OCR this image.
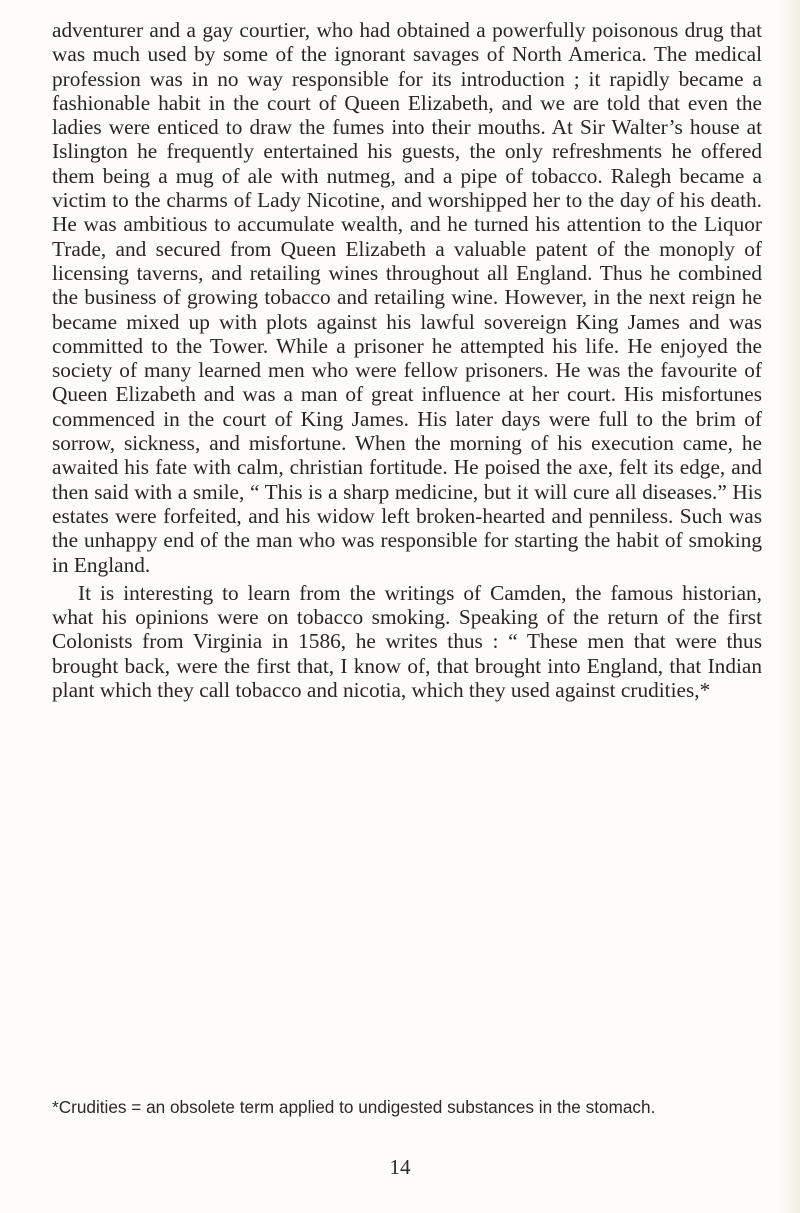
adventurer and a gay courtier, who had obtained a powerfully poisonous drug that was much used by some of the ignorant savages of North America. The medical profession was in no way responsible for its introduction ; it rapidly became a fashionable habit in the court of Queen Elizabeth, and we are told that even the ladies were enticed to draw the fumes into their mouths. At Sir Walter’s house at Islington he frequently entertained his guests, the only refreshments he offered them being a mug of ale with nutmeg, and a pipe of tobacco. Ralegh became a victim to the charms of Lady Nicotine, and worshipped her to the day of his death. He was ambitious to accumulate wealth, and he turned his attention to the Liquor Trade, and secured from Queen Elizabeth a valuable patent of the monoply of licensing taverns, and retailing wines throughout all England. Thus he combined the business of growing tobacco and retailing wine. However, in the next reign he became mixed up with plots against his lawful sovereign King James and was committed to the Tower. While a prisoner he attempted his life. He enjoyed the society of many learned men who were fellow prisoners. He was the favourite of Queen Elizabeth and was a man of great influence at her court. His misfortunes commenced in the court of King James. His later days were full to the brim of sorrow, sickness, and misfortune. When the morning of his execution came, he awaited his fate with calm, christian fortitude. He poised the axe, felt its edge, and then said with a smile, “ This is a sharp medicine, but it will cure all diseases.” His estates were forfeited, and his widow left broken-hearted and penniless. Such was the unhappy end of the man who was responsible for starting the habit of smoking in England.

It is interesting to learn from the writings of Camden, the famous historian, what his opinions were on tobacco smoking. Speaking of the return of the first Colonists from Virginia in 1586, he writes thus : “ These men that were thus brought back, were the first that, I know of, that brought into England, that Indian plant which they call tobacco and nicotia, which they used against crudities,*

*Crudities = an obsolete term applied to undigested substances in the stomach.

14
